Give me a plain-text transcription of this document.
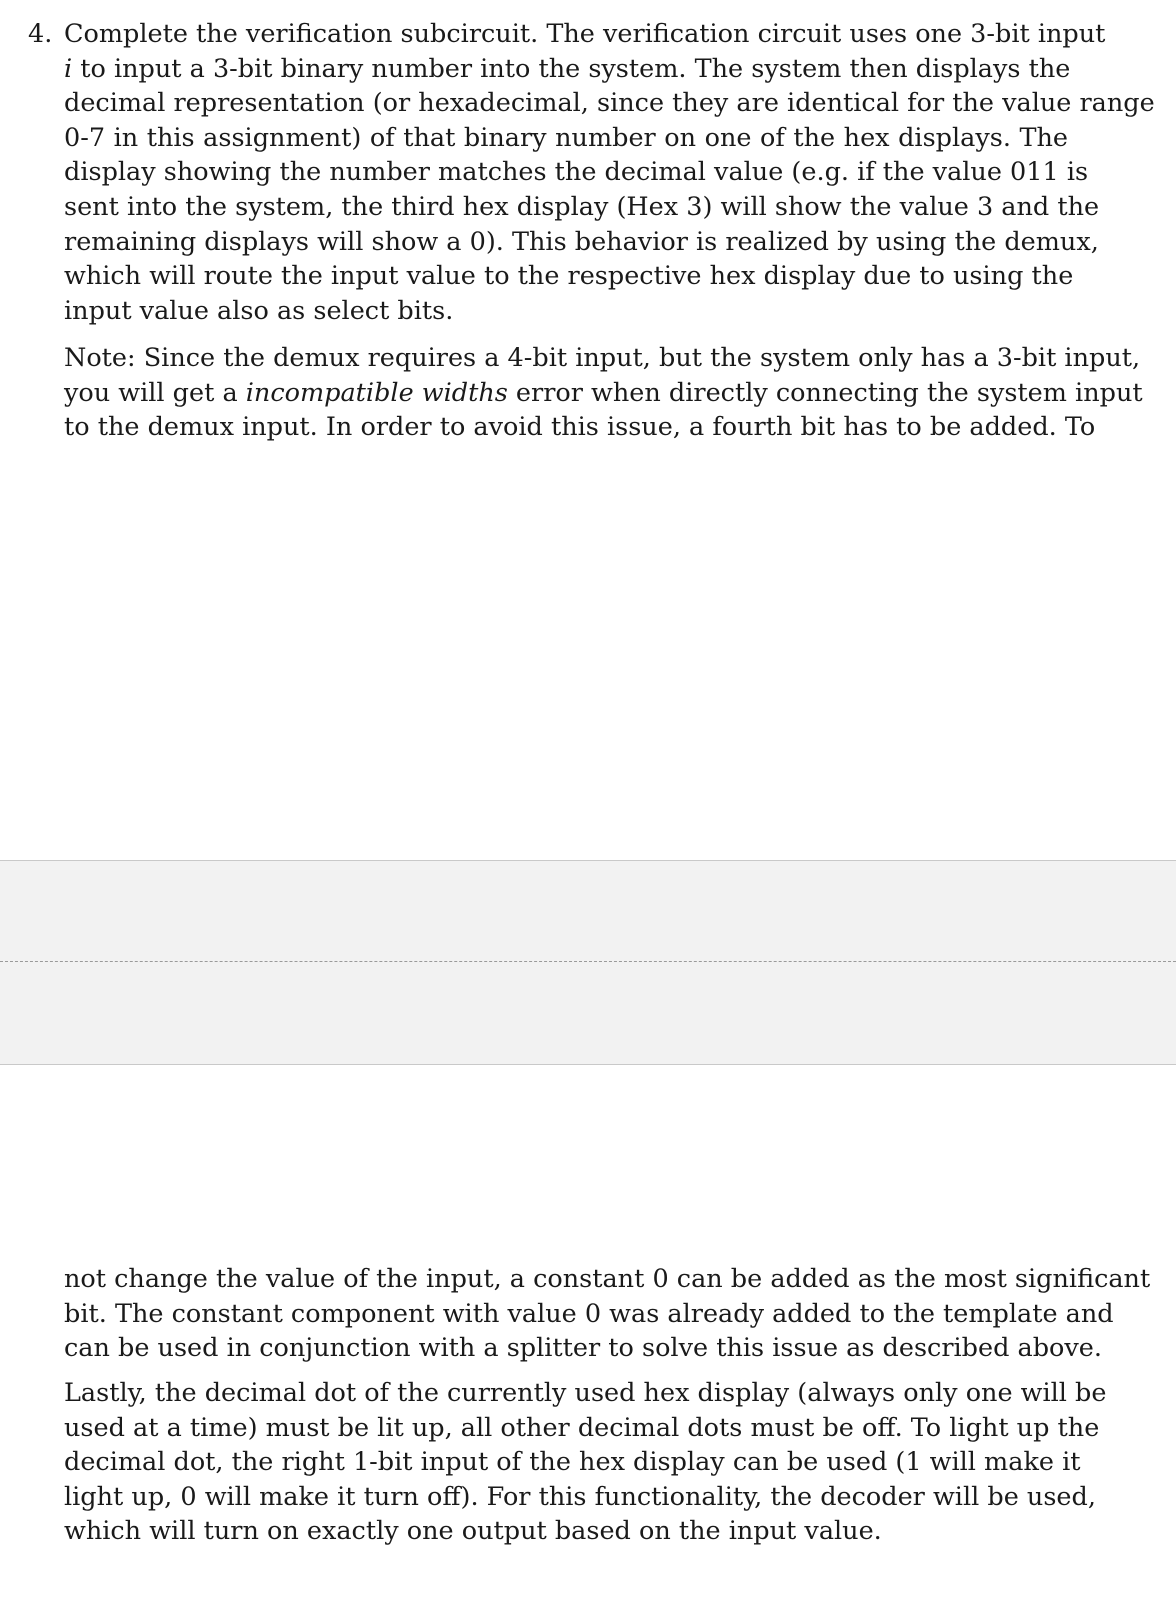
4. Complete the verification subcircuit. The verification circuit uses one 3-bit input
i to input a 3-bit binary number into the system. The system then displays the
decimal representation (or hexadecimal, since they are identical for the value range
0-7 in this assignment) of that binary number on one of the hex displays. The
display showing the number matches the decimal value (e.g. if the value 011 is
sent into the system, the third hex display (Hex 3) will show the value 3 and the
remaining displays will show a 0). This behavior is realized by using the demux,
which will route the input value to the respective hex display due to using the
input value also as select bits.
Note: Since the demux requires a 4-bit input, but the system only has a 3-bit input,
you will get a incompatible widths error when directly connecting the system input
to the demux input. In order to avoid this issue, a fourth bit has to be added. To
not change the value of the input, a constant 0 can be added as the most significant
bit. The constant component with value 0 was already added to the template and
can be used in conjunction with a splitter to solve this issue as described above.
Lastly, the decimal dot of the currently used hex display (always only one will be
used at a time) must be lit up, all other decimal dots must be off. To light up the
decimal dot, the right 1-bit input of the hex display can be used (1 will make it
light up, 0 will make it turn off). For this functionality, the decoder will be used,
which will turn on exactly one output based on the input value.
